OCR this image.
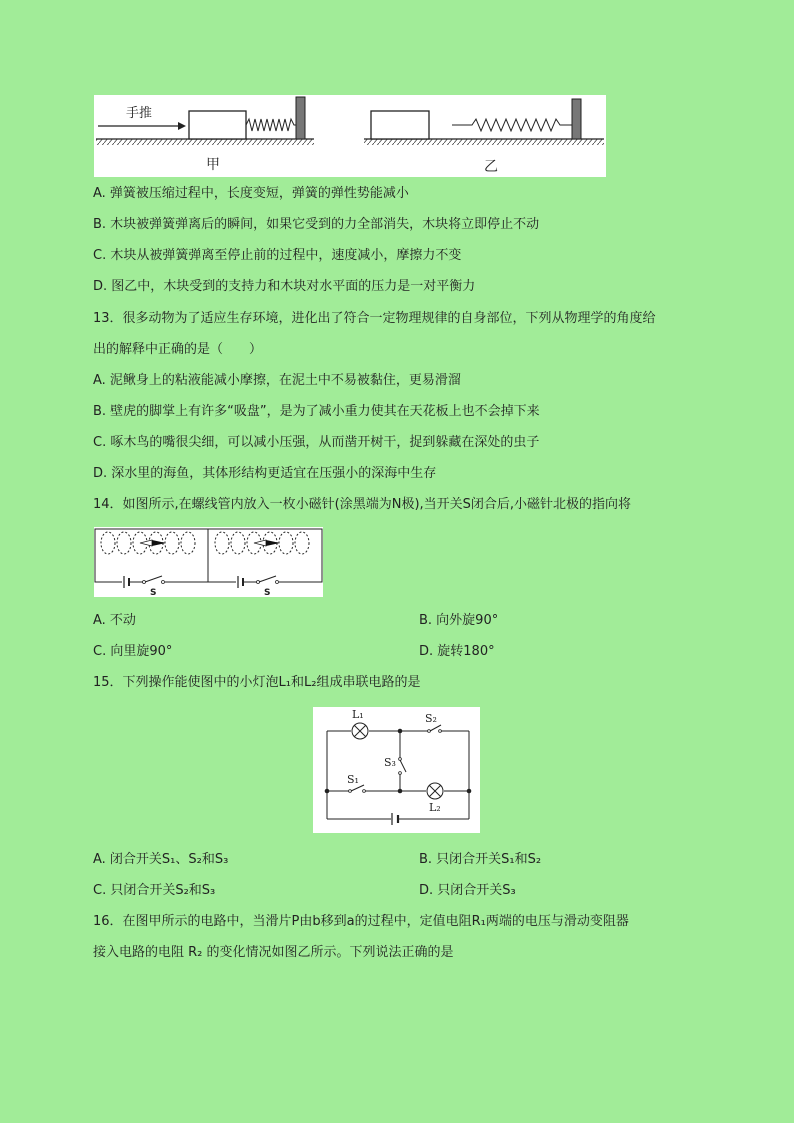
手推
甲	乙
A. 弹簧被压缩过程中，长度变短，弹簧的弹性势能减小
B. 木块被弹簧弹离后的瞬间，如果它受到的力全部消失，木块将立即停止不动
C. 木块从被弹簧弹离至停止前的过程中，速度减小，摩擦力不变
D. 图乙中，木块受到的支持力和木块对水平面的压力是一对平衡力
13．很多动物为了适应生存环境，进化出了符合一定物理规律的自身部位，下列从物理学的角度给
出的解释中正确的是（　　）
A. 泥鳅身上的粘液能减小摩擦，在泥土中不易被黏住，更易滑溜
B. 壁虎的脚掌上有许多“吸盘”，是为了减小重力使其在天花板上也不会掉下来
C. 啄木鸟的嘴很尖细，可以减小压强，从而凿开树干，捉到躲藏在深处的虫子
D. 深水里的海鱼，其体形结构更适宜在压强小的深海中生存
14．如图所示,在螺线管内放入一枚小磁针(涂黑端为N极),当开关S闭合后,小磁针北极的指向将
S	S
A. 不动	B. 向外旋90°
C. 向里旋90°	D. 旋转180°
15．下列操作能使图中的小灯泡L₁和L₂组成串联电路的是
L₁	S₂
S₃
S₁
L₂
A. 闭合开关S₁、S₂和S₃	B. 只闭合开关S₁和S₂
C. 只闭合开关S₂和S₃	D. 只闭合开关S₃
16．在图甲所示的电路中，当滑片P由b移到a的过程中，定值电阻R₁两端的电压与滑动变阻器
接入电路的电阻 R₂ 的变化情况如图乙所示。下列说法正确的是
